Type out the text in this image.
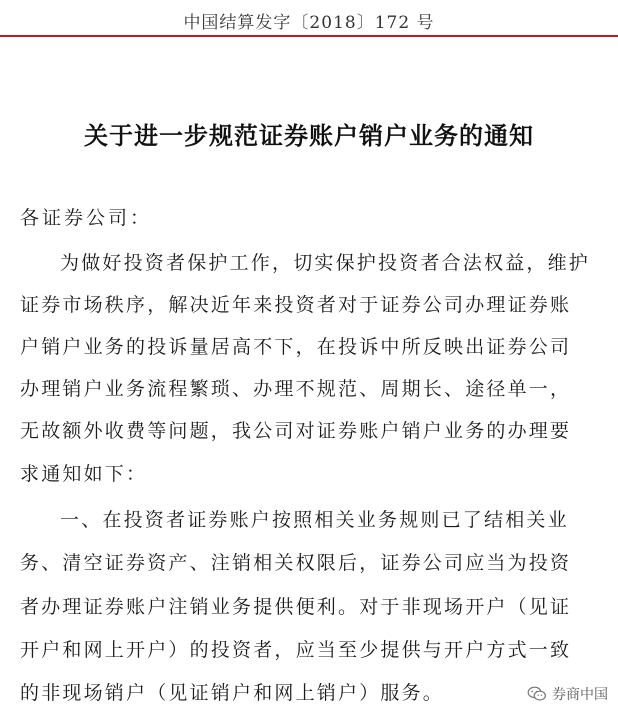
中国结算发字〔2018〕172 号
关于进一步规范证券账户销户业务的通知
各证券公司：
为做好投资者保护工作，切实保护投资者合法权益，维护
证券市场秩序，解决近年来投资者对于证券公司办理证券账
户销户业务的投诉量居高不下，在投诉中所反映出证券公司
办理销户业务流程繁琐、办理不规范、周期长、途径单一，
无故额外收费等问题，我公司对证券账户销户业务的办理要
求通知如下：
一、在投资者证券账户按照相关业务规则已了结相关业
务、清空证券资产、注销相关权限后，证券公司应当为投资
者办理证券账户注销业务提供便利。对于非现场开户（见证
开户和网上开户）的投资者，应当至少提供与开户方式一致
的非现场销户（见证销户和网上销户）服务。	券商中国
